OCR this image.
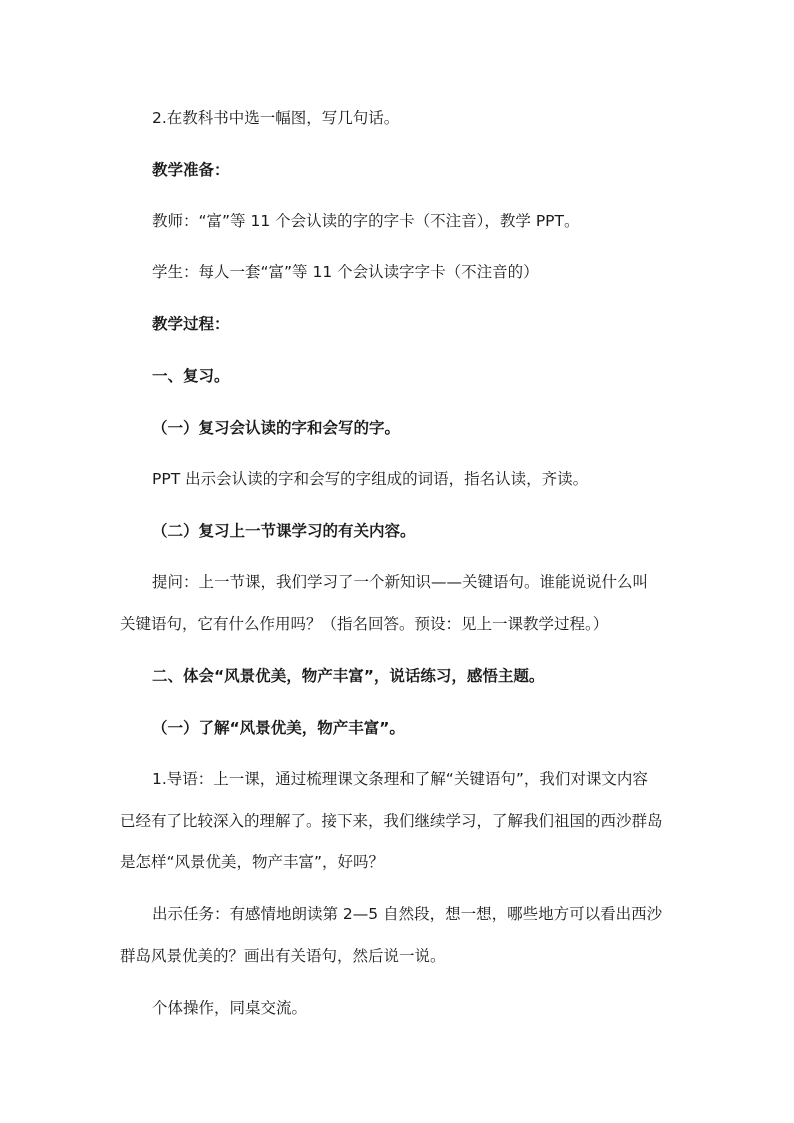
2.在教科书中选一幅图，写几句话。
教学准备：
教师：“富”等 11 个会认读的字的字卡（不注音），教学 PPT。
学生：每人一套“富”等 11 个会认读字字卡（不注音的）
教学过程：
一、复习。
（一）复习会认读的字和会写的字。
PPT 出示会认读的字和会写的字组成的词语，指名认读，齐读。
（二）复习上一节课学习的有关内容。
提问：上一节课，我们学习了一个新知识——关键语句。谁能说说什么叫
关键语句，它有什么作用吗？（指名回答。预设：见上一课教学过程。）
二、体会“风景优美，物产丰富”，说话练习，感悟主题。
（一）了解“风景优美，物产丰富”。
1.导语：上一课，通过梳理课文条理和了解“关键语句”，我们对课文内容
已经有了比较深入的理解了。接下来，我们继续学习，了解我们祖国的西沙群岛
是怎样“风景优美，物产丰富”，好吗？
出示任务：有感情地朗读第 2—5 自然段，想一想，哪些地方可以看出西沙
群岛风景优美的？画出有关语句，然后说一说。
个体操作，同桌交流。
